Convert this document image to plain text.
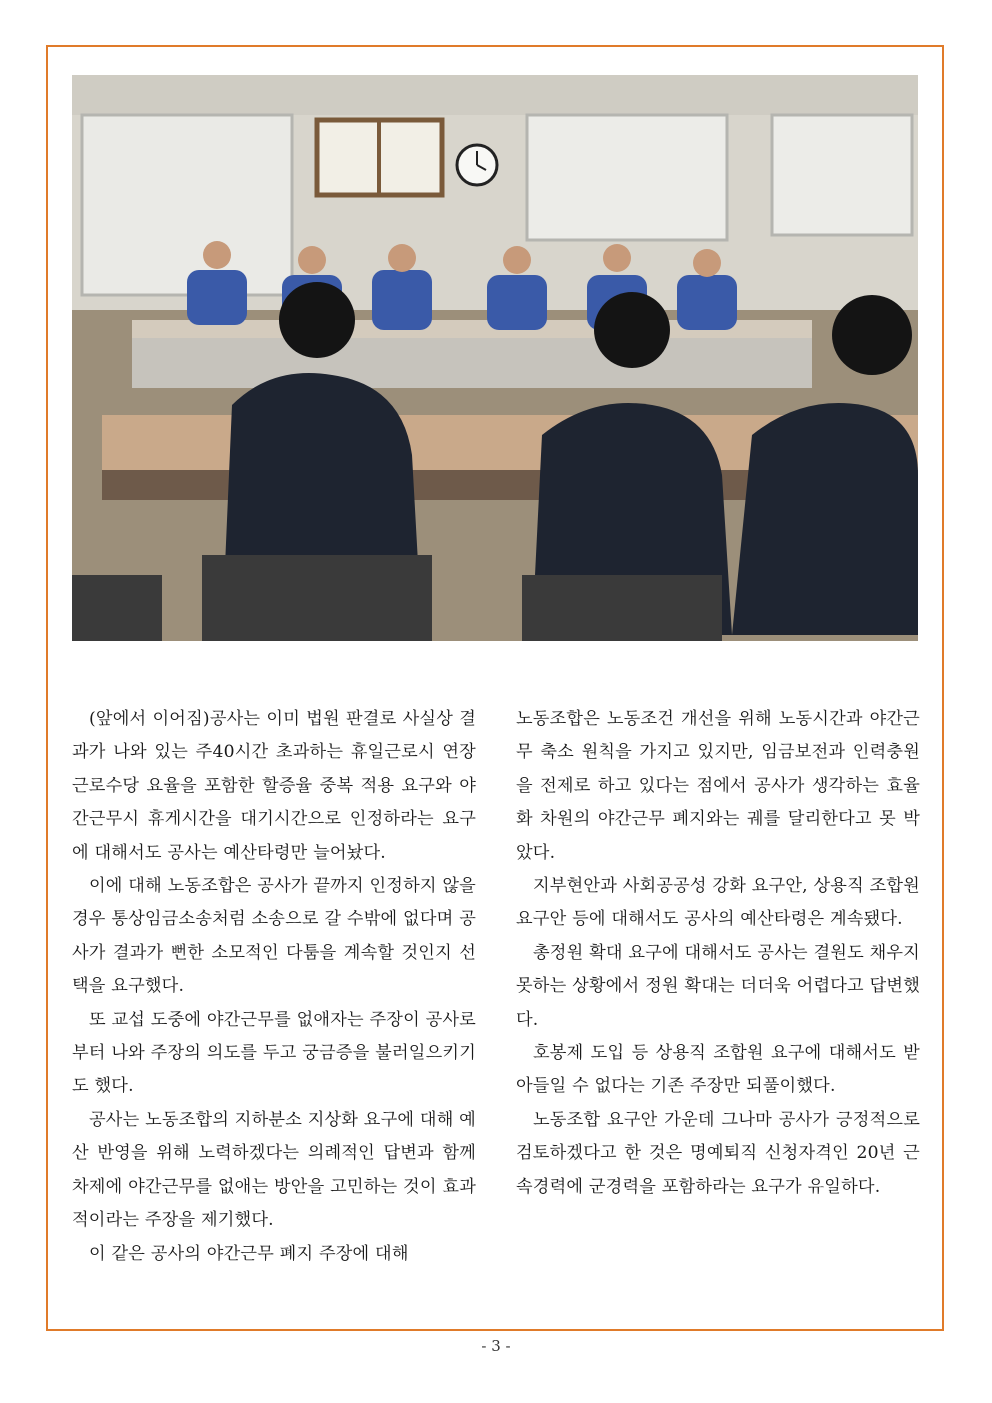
(앞에서 이어짐)공사는 이미 법원 판결로 사실상 결과가 나와 있는 주40시간 초과하는 휴일근로시 연장근로수당 요율을 포함한 할증율 중복 적용 요구와 야간근무시 휴게시간을 대기시간으로 인정하라는 요구에 대해서도 공사는 예산타령만 늘어놨다.

이에 대해 노동조합은 공사가 끝까지 인정하지 않을 경우 통상임금소송처럼 소송으로 갈 수밖에 없다며 공사가 결과가 뻔한 소모적인 다툼을 계속할 것인지 선택을 요구했다.

또 교섭 도중에 야간근무를 없애자는 주장이 공사로부터 나와 주장의 의도를 두고 궁금증을 불러일으키기도 했다.

공사는 노동조합의 지하분소 지상화 요구에 대해 예산 반영을 위해 노력하겠다는 의례적인 답변과 함께 차제에 야간근무를 없애는 방안을 고민하는 것이 효과적이라는 주장을 제기했다.

이 같은 공사의 야간근무 폐지 주장에 대해

노동조합은 노동조건 개선을 위해 노동시간과 야간근무 축소 원칙을 가지고 있지만, 임금보전과 인력충원을 전제로 하고 있다는 점에서 공사가 생각하는 효율화 차원의 야간근무 폐지와는 궤를 달리한다고 못 박았다.

지부현안과 사회공공성 강화 요구안, 상용직 조합원 요구안 등에 대해서도 공사의 예산타령은 계속됐다.

총정원 확대 요구에 대해서도 공사는 결원도 채우지 못하는 상황에서 정원 확대는 더더욱 어렵다고 답변했다.

호봉제 도입 등 상용직 조합원 요구에 대해서도 받아들일 수 없다는 기존 주장만 되풀이했다.

노동조합 요구안 가운데 그나마 공사가 긍정적으로 검토하겠다고 한 것은 명예퇴직 신청자격인 20년 근속경력에 군경력을 포함하라는 요구가 유일하다.

- 3 -
